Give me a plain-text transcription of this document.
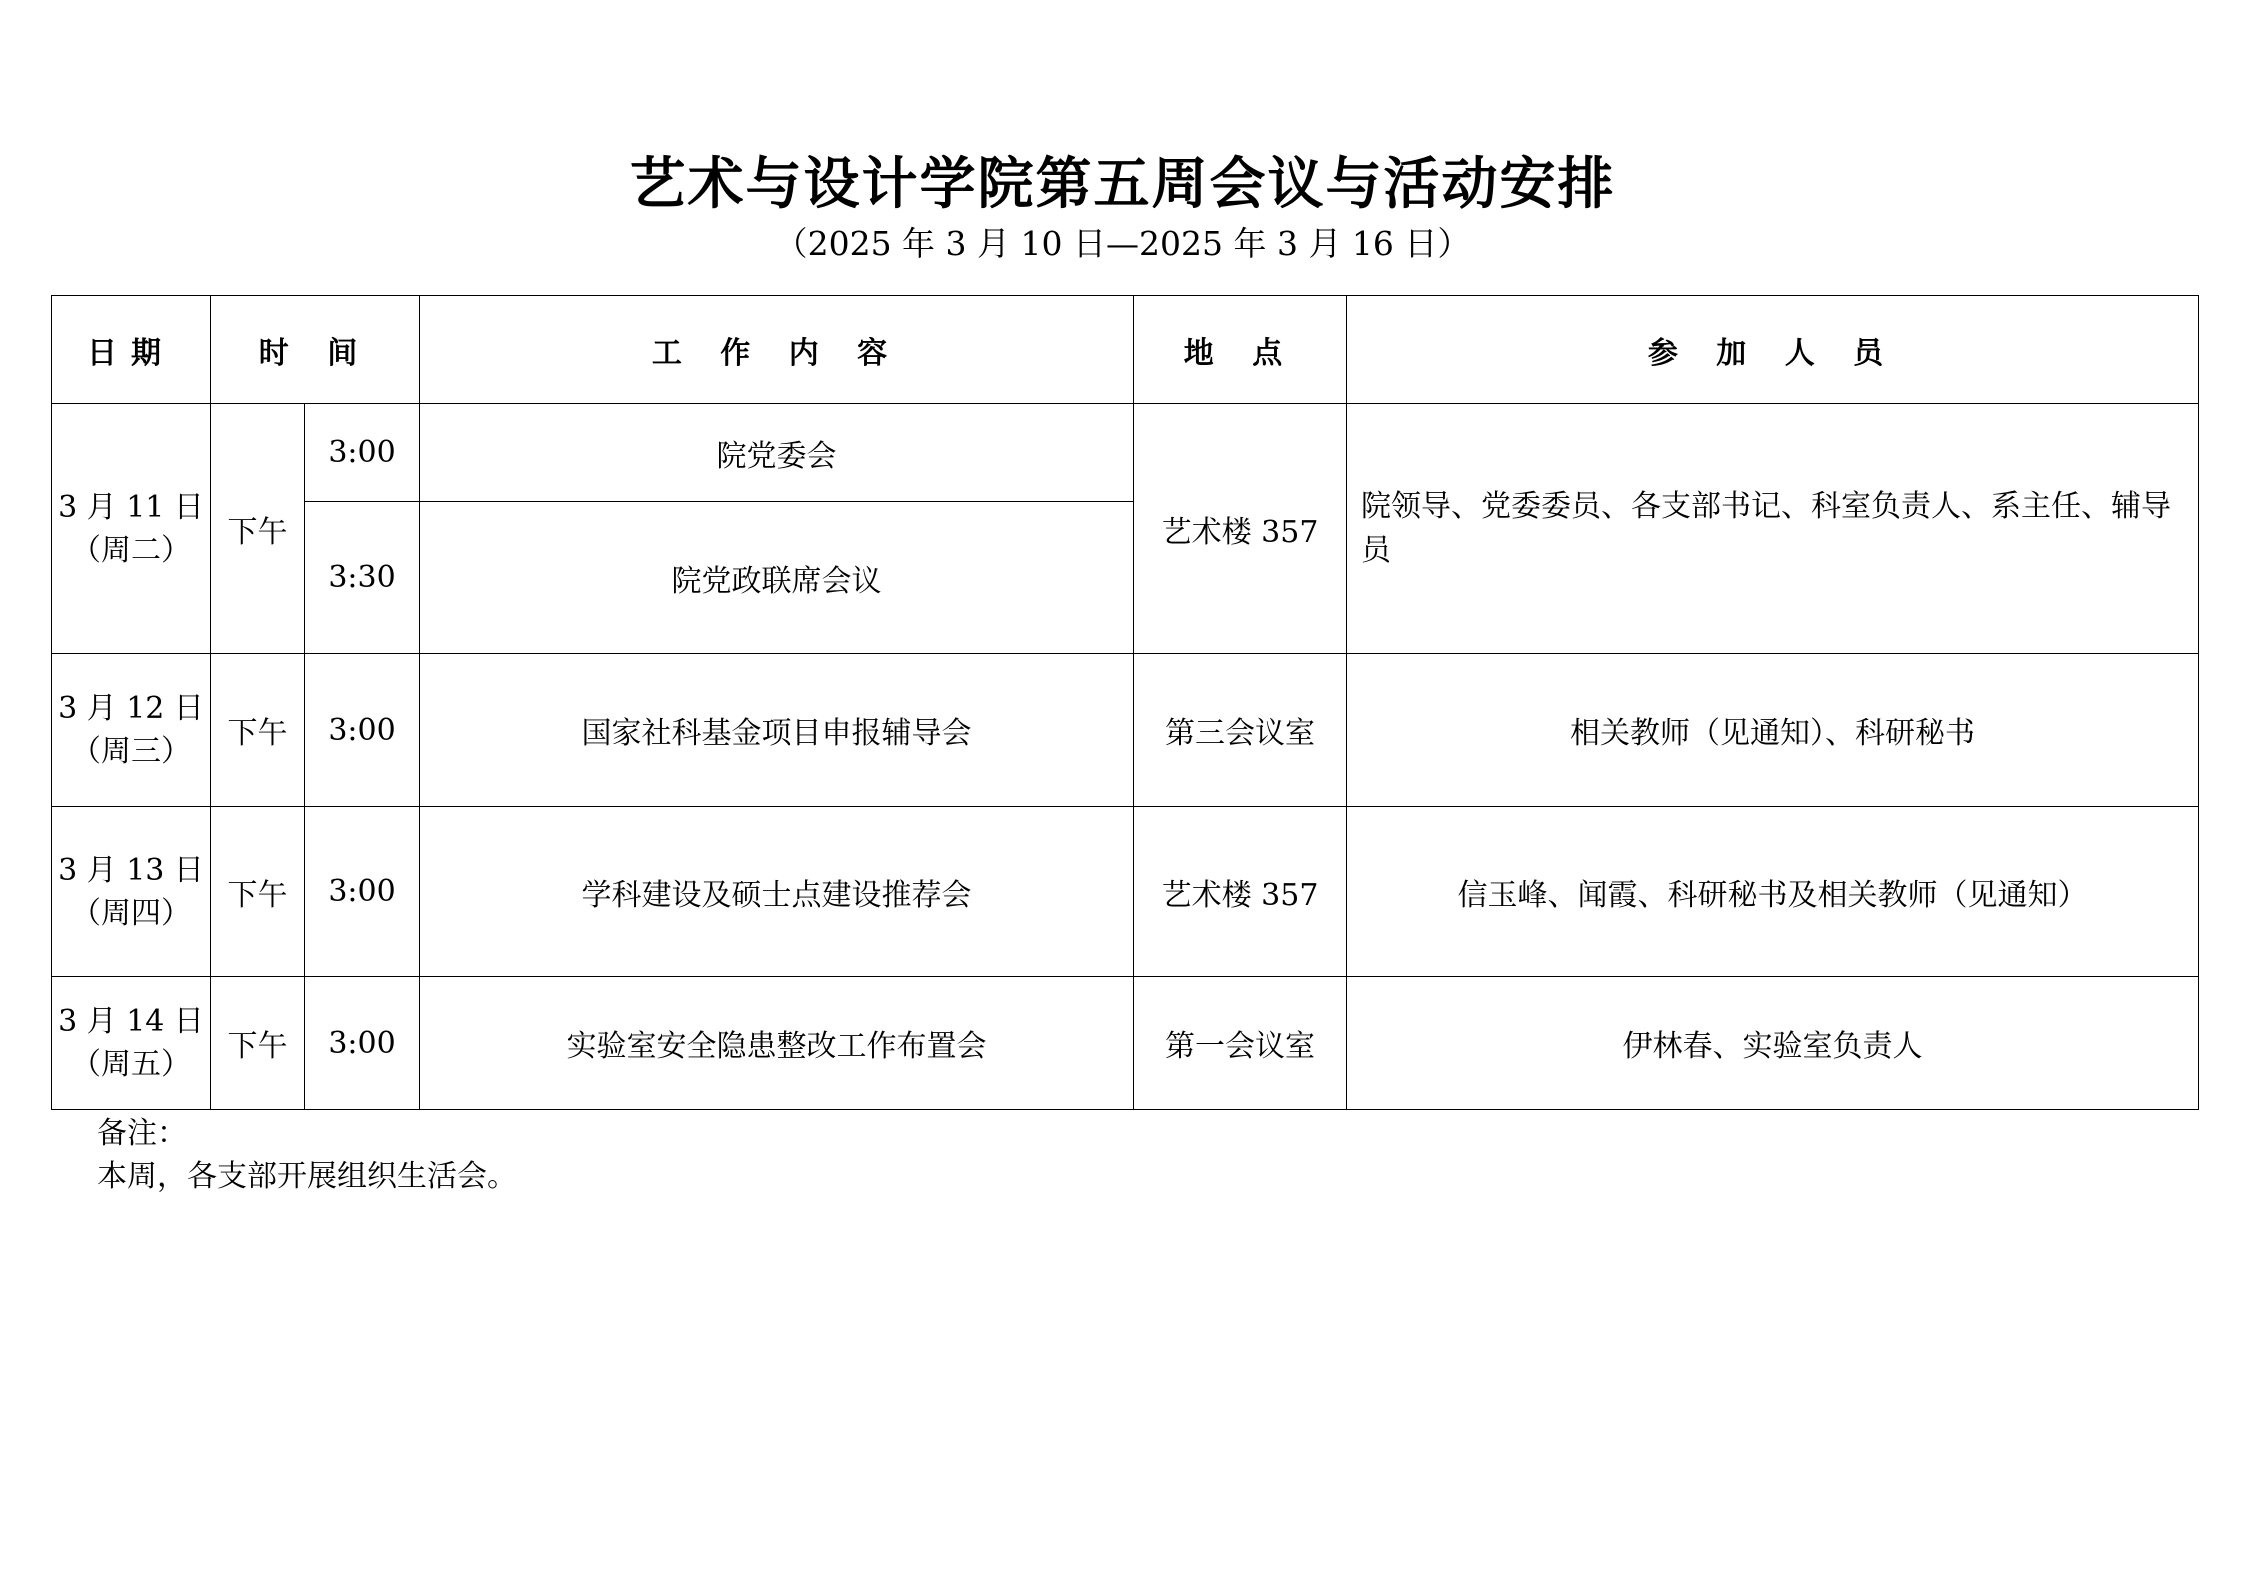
艺术与设计学院第五周会议与活动安排
（2025 年 3 月 10 日—2025 年 3 月 16 日）
日期	时 间		工 作 内 容	地 点	参 加 人 员

3 月 11 日
（周二）	下午	3:00	院党委会	艺术楼 357	院领导、党委委员、各支部书记、科室负责人、系主任、辅导员
		3:30	院党政联席会议		

3 月 12 日
（周三）	下午	3:00	国家社科基金项目申报辅导会	第三会议室	相关教师（见通知）、科研秘书

3 月 13 日
（周四）	下午	3:00	学科建设及硕士点建设推荐会	艺术楼 357	信玉峰、闻霞、科研秘书及相关教师（见通知）

3 月 14 日
（周五）	下午	3:00	实验室安全隐患整改工作布置会	第一会议室	伊林春、实验室负责人
备注：
本周，各支部开展组织生活会。
